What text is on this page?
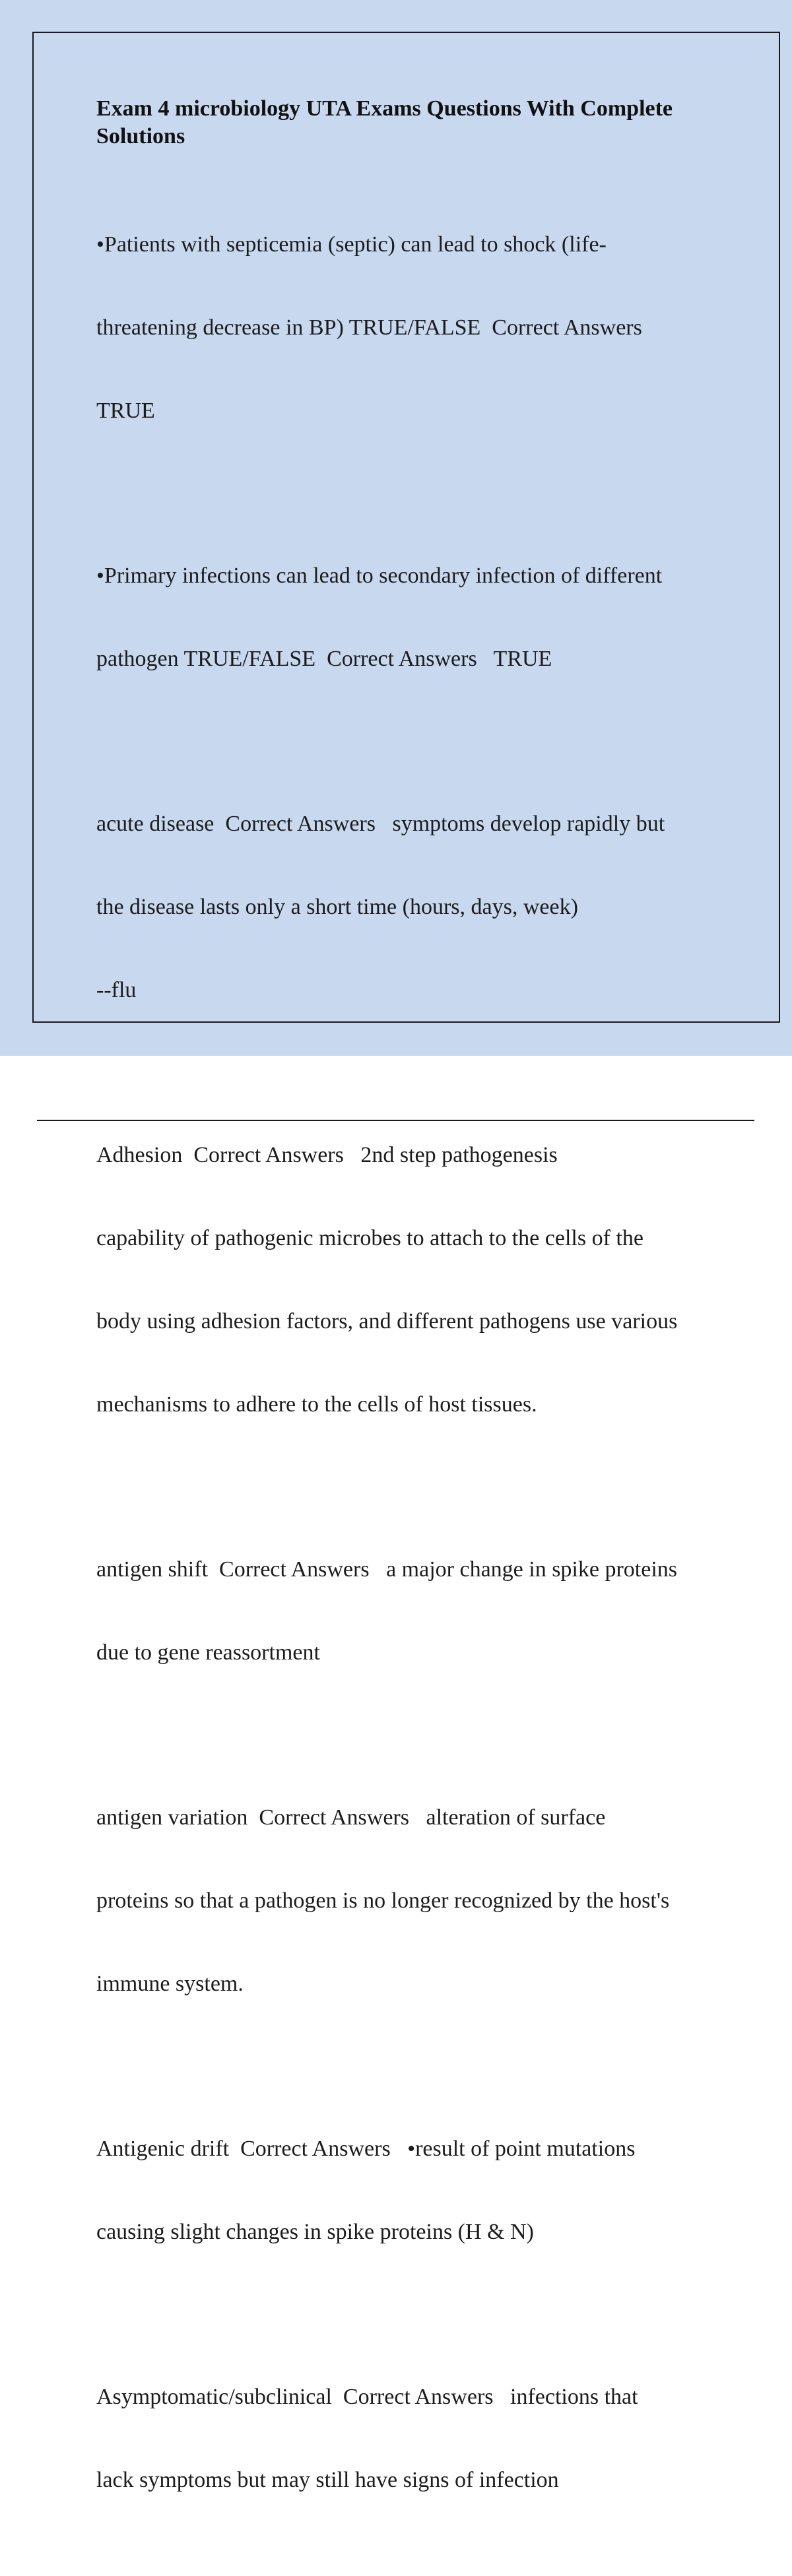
Exam 4 microbiology UTA Exams Questions With Complete Solutions

•Patients with septicemia (septic) can lead to shock (life-

threatening decrease in BP) TRUE/FALSE  Correct Answers

TRUE

•Primary infections can lead to secondary infection of different

pathogen TRUE/FALSE  Correct Answers   TRUE

acute disease  Correct Answers   symptoms develop rapidly but

the disease lasts only a short time (hours, days, week)

--flu

Adhesion  Correct Answers   2nd step pathogenesis

capability of pathogenic microbes to attach to the cells of the

body using adhesion factors, and different pathogens use various

mechanisms to adhere to the cells of host tissues.

antigen shift  Correct Answers   a major change in spike proteins

due to gene reassortment

antigen variation  Correct Answers   alteration of surface

proteins so that a pathogen is no longer recognized by the host's

immune system.

Antigenic drift  Correct Answers   •result of point mutations

causing slight changes in spike proteins (H & N)

Asymptomatic/subclinical  Correct Answers   infections that

lack symptoms but may still have signs of infection
